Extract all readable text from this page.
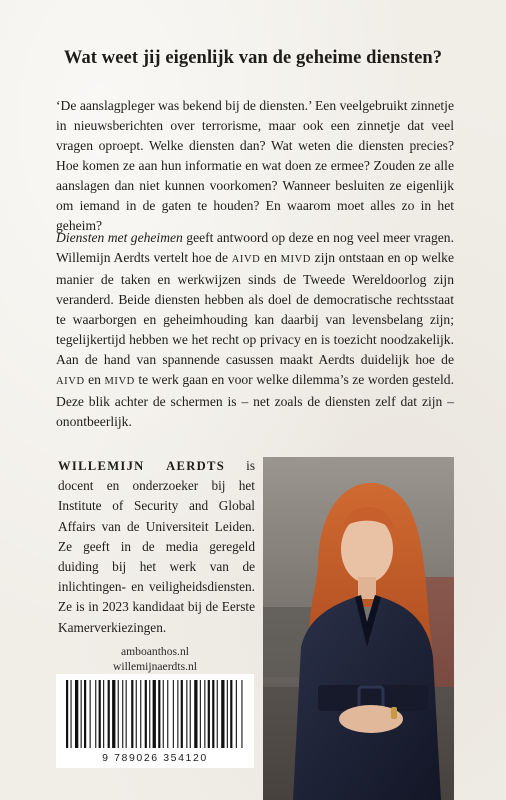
Wat weet jij eigenlijk van de geheime diensten?

‘De aanslagpleger was bekend bij de diensten.’ Een veelgebruikt zinnetje in nieuwsberichten over terrorisme, maar ook een zinnetje dat veel vragen oproept. Welke diensten dan? Wat weten die diensten precies? Hoe komen ze aan hun informatie en wat doen ze ermee? Zouden ze alle aanslagen dan niet kunnen voorkomen? Wanneer besluiten ze eigenlijk om iemand in de gaten te houden? En waarom moet alles zo in het geheim?

Diensten met geheimen geeft antwoord op deze en nog veel meer vragen. Willemijn Aerdts vertelt hoe de AIVD en MIVD zijn ontstaan en op welke manier de taken en werkwijzen sinds de Tweede Wereldoorlog zijn veranderd. Beide diensten hebben als doel de democratische rechtsstaat te waarborgen en geheimhouding kan daarbij van levensbelang zijn; tegelijkertijd hebben we het recht op privacy en is toezicht noodzakelijk. Aan de hand van spannende casussen maakt Aerdts duidelijk hoe de AIVD en MIVD te werk gaan en voor welke dilemma’s ze worden gesteld. Deze blik achter de schermen is – net zoals de diensten zelf dat zijn – onontbeerlijk.

WILLEMIJN AERDTS is docent en onderzoeker bij het Institute of Security and Global Affairs van de Universiteit Leiden. Ze geeft in de media geregeld duiding bij het werk van de inlichtingen- en veiligheidsdiensten. Ze is in 2023 kandidaat bij de Eerste Kamerverkiezingen.

amboanthos.nl
willemijnaerdts.nl
9 789026 354120
